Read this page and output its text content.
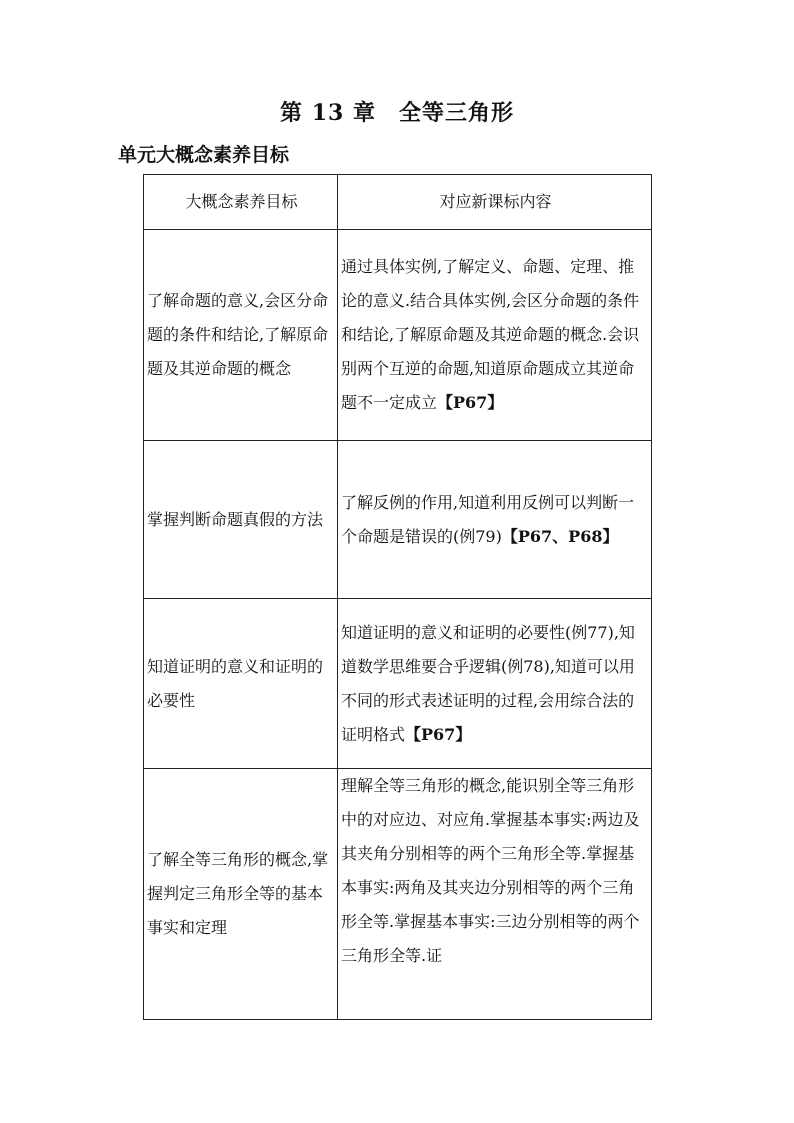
第 13 章　全等三角形
单元大概念素养目标
大概念素养目标	对应新课标内容
了解命题的意义,会区分命题的条件和结论,了解原命题及其逆命题的概念	通过具体实例,了解定义、命题、定理、推论的意义.结合具体实例,会区分命题的条件和结论,了解原命题及其逆命题的概念.会识别两个互逆的命题,知道原命题成立其逆命题不一定成立【P67】
掌握判断命题真假的方法	了解反例的作用,知道利用反例可以判断一个命题是错误的(例79)【P67、P68】
知道证明的意义和证明的必要性	知道证明的意义和证明的必要性(例77),知道数学思维要合乎逻辑(例78),知道可以用不同的形式表述证明的过程,会用综合法的证明格式【P67】
了解全等三角形的概念,掌握判定三角形全等的基本事实和定理	理解全等三角形的概念,能识别全等三角形中的对应边、对应角.掌握基本事实:两边及其夹角分别相等的两个三角形全等.掌握基本事实:两角及其夹边分别相等的两个三角形全等.掌握基本事实:三边分别相等的两个三角形全等.证
